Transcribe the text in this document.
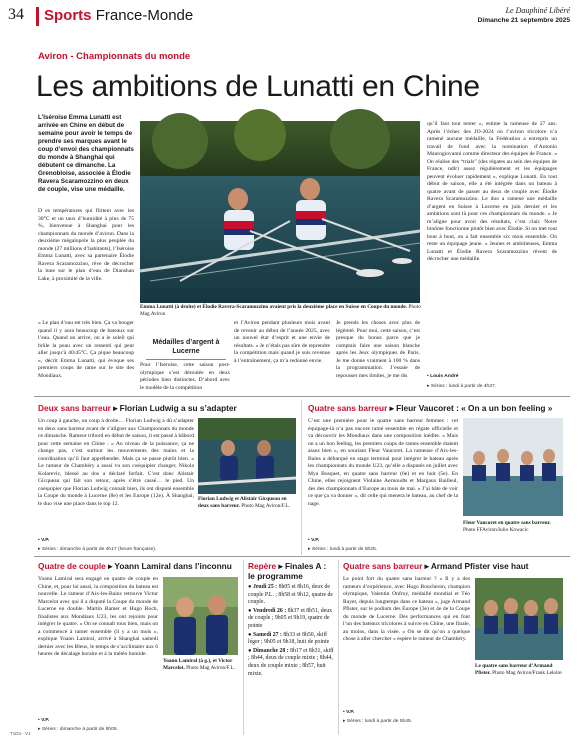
34 Sports France-Monde	Le Dauphiné Libéré
Dimanche 21 septembre 2025
Aviron - Championnats du monde
Les ambitions de Lunatti en Chine
L’Iséroise Emma Lunatti est arrivée en Chine en début de semaine pour avoir le temps de prendre ses marques avant le coup d’envoi des championnats du monde à Shanghai qui débutent ce dimanche. La Grenobloise, associée à Élodie Ravera Scaramozzino en deux de couple, vise une médaille.
D es températures qui flirtent avec les 30°C et un taux d’humidité à plus de 75 %, bienvenue à Shanghai pour les championnats du monde d’aviron. Dans la deuxième mégalopole la plus peuplée du monde (27 millions d’habitants), l’Iséroise Emma Lunatti, avec sa partenaire Élodie Ravera Scaramozzino, rêve de décrocher la lune sur le plan d’eau de Dianshan Lake, à proximité de la ville.
Emma Lunatti (à droite) et Élodie Ravera-Scaramozzino avaient pris la deuxième place en Suisse en Coupe du monde. Photo Mag Aviron
« Le plan d’eau est très bien. Ça va bouger quand il y aura beaucoup de bateaux sur l’eau. Quand on arrive, on a le soleil qui brûle la peau avec un ressenti qui peut aller jusqu’à 40/45°C. Ça pique beaucoup », décrit Emma Lunatti, qui évoque ses premiers coups de rame sur le site des Mondiaux.
Médailles d’argent à Lucerne
Pour l’Iséroise, cette saison post-olympique s’est déroulée en deux périodes bien distinctes. D’abord avec le modèle de la compétition
et l’Aviron pendant plusieurs mois avant de revenir au début de l’année 2025, avec un nouvel état d’esprit et une envie de résultats. « Je n’étais pas sûre de reprendre la compétition mais quand je suis revenue à l’entraînement, ça m’a redonné envie.
Je prends les choses avec plus de légèreté. Pour moi, cette saison, c’est presque du bonus parce que je comptais faire une saison blanche après les Jeux olympiques de Paris. Je me donne vraiment à 100 % dans la programmation. J’essaie de repousser mes limites, je me dis
qu’il faut tout tenter », estime la rameuse de 27 ans. Après l’échec des JO-2024 où l’aviron tricolore n’a ramené aucune médaille, la Fédération a entrepris un travail de fond avec la nomination d’Antonio Maurogiovanni comme directeur des équipes de France. « On réalise des “trials” (des régates au sein des équipes de France, ndlr) assez régulièrement et les équipages peuvent évoluer rapidement », explique Lunatti. En tout début de saison, elle a été intégrée dans un bateau à quatre avant de passer au deux de couple avec Élodie Ravera Scaramozzino. Le duo a ramené une médaille d’argent en Suisse à Lucerne en juin dernier et les ambitions sont là pour ces championnats du monde. « Je m’aligne pour avoir des résultats, c’est clair. Notre binôme fonctionne plutôt bien avec Élodie. Si on met tout bout à bout, on a fait ensemble six mois ensemble. On reste un équipage jeune. » Jeunes et ambitieuses, Emma Lunatti et Élodie Ravera Scaramozzino rêvent de décrocher une médaille.
• Louis André
▸ Séries : lundi à partir de 4h37.
Deux sans barreur ▸ Florian Ludwig a su s’adapter
Un coup à gauche, un coup à droite… Florian Ludwig a dû s’adapter en deux sans barreur avant de s’aligner aux Championnats du monde ce dimanche. Rameur tribord en début de saison, il est passé à bâbord pour cette semaine en Chine : « Au niveau de la puissance, ça ne change pas, c’est surtout les mouvements des mains et la coordination qu’il faut appréhender. Mais ça se passe plutôt bien. » Le rameur de Chambéry a aussi vu son coéquipier changer, Nikola Kolarevic, blessé au dos a déclaré forfait. C’est donc Alistair Gicqueau qui fait son retour, après s’être cassé… le pied. Un coéquipier que Florian Ludwig connaît bien, ils ont disputé ensemble la Coupe du monde à Lucerne (8e) et les Europe (12e). À Shanghai, le duo vise une place dans le top 12.
Florian Ludwig et Alistair Gicqueau en deux sans barreur. Photo Mag Aviron/F.L.
• V.P.
▸ Séries : dimanche à partir de 4h17 (heure française).
Quatre sans barreur ▸ Fleur Vaucoret : « On a un bon feeling »
C’est une première pour le quatre sans barreur femmes : cet équipage-là n’a pas encore ramé ensemble en régate officielle et va découvrir les Mondiaux dans une composition inédite. « Mais on a un bon feeling, les premiers coups de rames ensemble étaient assez bien », en souriant Fleur Vaucoret. La rameuse d’Aix-les-Bains a débarqué en stage terminal pour intégrer le bateau après les championnats du monde U23, qu’elle a disputés en juillet avec Mya Bosquet, en quatre sans barreur (6e) et en huit (5e). En Chine, elles rejoignent Violaine Aernoudts et Margaux Bailleul, 4es des championnats d’Europe au mois de mai. « J’ai hâte de voir ce que ça va donner », dit celle qui menera le bateau, au chef de la nage.
Fleur Vaucoret en quatre sans barreur. Photo FFAviron/Iulio Kowacic
• V.P.
▸ Séries : lundi à partir de 5h25.
Quatre de couple ▸ Yoann Lamiral dans l’inconnu
Yoann Lamiral sera engagé en quatre de couple en Chine, et, pour lui aussi, la composition du bateau est nouvelle. Le rameur d’Aix-les-Bains retrouve Victor Marcelot avec qui il a disputé la Coupe du monde de Lucerne en double. Martin Ramer et Hugo Roch, finalistes aux Mondiaux U23, les ont rejoints pour intégrer le quatre. « On se connaît tous bien, mais on a commencé à ramer ensemble (il y a un mois », explique Yoann Lamiral, arrivé à Shanghai samedi dernier avec les Bleus, le temps de s’acclimater aux 6 heures de décalage horaire et à la météo humide.
Yoann Lamiral (à g.), et Victor Marcelot. Photo Mag Aviron/F.L.
• V.P.
▸ Séries : dimanche à partir de 5h05.
Repère ▸ Finales A : le programme
● Jeudi 25 : 8h05 et 8h16, deux de couple P.L. ; 8h58 et 9h12, quatre de couple.
● Vendredi 26 : 8h37 et 8h51, deux de couple ; 9h05 et 9h19, quatre de pointe
● Samedi 27 : 8h33 et 8h50, skiff léger ; 9h05 et 9h18, huit de pointe
● Dimanche 28 : 8h17 et 8h31, skiff ; 8h44, deux de couple mixte ; 8h44, deux de couple mixte ; 8h57, huit mixte.
Quatre sans barreur ▸ Armand Pfister vise haut
Le point fort du quatre sans barreur ? « Il y a des rameurs d’expérience, avec Hugo Boucheron, champion olympique, Valentin Onfroy, médaillé mondial et Téo Rayet, depuis longtemps dans ce bateau », juge Armand Pfister, sur le podium des Europe (3e) et 4e de la Coupe du monde de Lucerne. Des performances qui en font l’un des bateaux tricolores à suivre en Chine, une finale, au moins, dans la visée. « On se dit qu’on a quelque chose à aller chercher » espère le rameur de Chambéry.
Le quatre sans barreur d’Armand Pfister. Photo Mag Aviron/Frank Leloire
• V.P.
▸ Séries : lundi à partir de 5h45.
T1D4 - V1
